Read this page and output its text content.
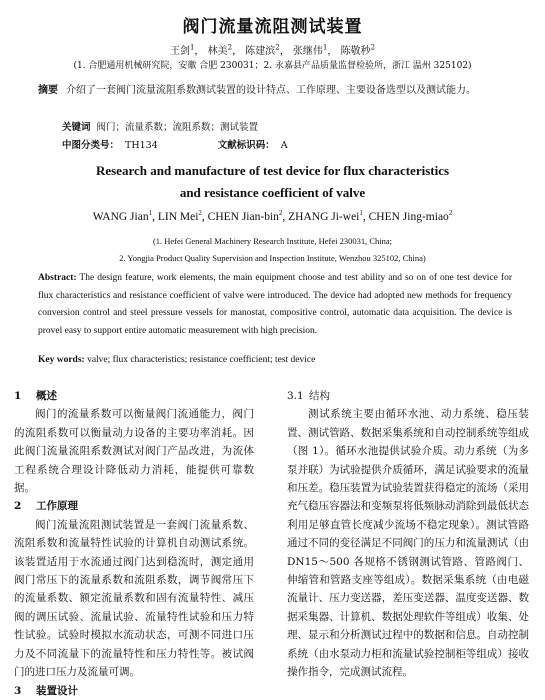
阀门流量流阻测试装置
王剑$^1$， 林美$^2$， 陈建滨$^2$， 张继伟$^1$， 陈敬秒$^2$
(1. 合肥通用机械研究院，安徽 合肥 230031；2. 永嘉县产品质量监督检验所，浙江 温州 325102)
摘要 介绍了一套阀门流量流阻系数测试装置的设计特点、工作原理、主要设备选型以及测试能力。
关键词 阀门；流量系数；流阻系数；测试装置
中图分类号： TH134	文献标识码： A
Research and manufacture of test device for flux characteristics
and resistance coefficient of valve
WANG Jian$^1$, LIN Mei$^2$, CHEN Jian-bin$^2$, ZHANG Ji-wei$^1$, CHEN Jing-miao$^2$
(1. Hefei General Machinery Research Institute, Hefei 230031, China;
2. Yongjia Product Quality Supervision and Inspection Institute, Wenzhou 325102, China)
Abstract: The design feature, work elements, the main equipment choose and test ability and so on of one test device for flux characteristics and resistance coefficient of valve were introduced. The device had adopted new methods for frequency conversion control and steel pressure vessels for manostat, compositive control, automatic data acquisition. The device is provel easy to support entire automatic measurement with high precision.
Key words: valve; flux characteristics; resistance coefficient; test device
1 概述

阀门的流量系数可以衡量阀门流通能力，阀门的流阻系数可以衡量动力设备的主要功率消耗。因此阀门流量流阻系数测试对阀门产品改进，为流体工程系统合理设计降低动力消耗，能提供可靠数据。

2 工作原理

阀门流量流阻测试装置是一套阀门流量系数、流阻系数和流量特性试验的计算机自动测试系统。该装置适用于水流通过阀门达到稳流时，测定通用阀门常压下的流量系数和流阻系数，调节阀常压下的流量系数、额定流量系数和固有流量特性、减压阀的调压试验、流量试验、流量特性试验和压力特性试验。试验时模拟水流动状态，可测不同进口压力及不同流量下的流量特性和压力特性等。被试阀门的进口压力及流量可调。

3 装置设计
3.1 结构

测试系统主要由循环水池、动力系统、稳压装置、测试管路、数据采集系统和自动控制系统等组成（图 1）。循环水池提供试验介质。动力系统（为多泵并联）为试验提供介质循环，满足试验要求的流量和压差。稳压装置为试验装置获得稳定的流场（采用充气稳压容器法和变频泵将低频脉动消除到最低状态利用足够直管长度减少流场不稳定现象）。测试管路通过不同的变径满足不同阀门的压力和流量测试（由 DN15～500 各规格不锈钢测试管路、管路阀门、伸缩管和管路支座等组成）。数据采集系统（由电磁流量计、压力变送器，差压变送器、温度变送器、数据采集器、计算机、数据处理软件等组成）收集、处理、显示和分析测试过程中的数据和信息。自动控制系统（由水泵动力柜和流量试验控制柜等组成）接收操作指令，完成测试流程。
